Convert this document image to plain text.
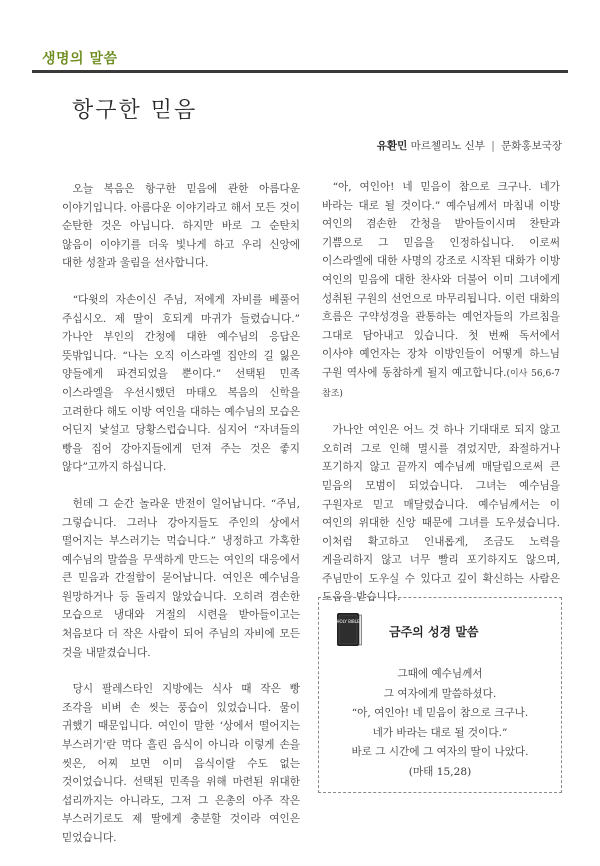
생명의 말씀
항구한 믿음
유환민 마르첼리노 신부 | 문화홍보국장

오늘 복음은 항구한 믿음에 관한 아름다운 이야기입니다. 아름다운 이야기라고 해서 모든 것이 순탄한 것은 아닙니다. 하지만 바로 그 순탄치 않음이 이야기를 더욱 빛나게 하고 우리 신앙에 대한 성찰과 울림을 선사합니다.

“다윗의 자손이신 주님, 저에게 자비를 베풀어 주십시오. 제 딸이 호되게 마귀가 들렸습니다.” 가나안 부인의 간청에 대한 예수님의 응답은 뜻밖입니다. “나는 오직 이스라엘 집안의 길 잃은 양들에게 파견되었을 뿐이다.” 선택된 민족 이스라엘을 우선시했던 마태오 복음의 신학을 고려한다 해도 이방 여인을 대하는 예수님의 모습은 어딘지 낯설고 당황스럽습니다. 심지어 “자녀들의 빵을 집어 강아지들에게 던져 주는 것은 좋지 않다”고까지 하십니다.

헌데 그 순간 놀라운 반전이 일어납니다. “주님, 그렇습니다. 그러나 강아지들도 주인의 상에서 떨어지는 부스러기는 먹습니다.” 냉정하고 가혹한 예수님의 말씀을 무색하게 만드는 여인의 대응에서 큰 믿음과 간절함이 묻어납니다. 여인은 예수님을 원망하거나 등 돌리지 않았습니다. 오히려 겸손한 모습으로 냉대와 거절의 시련을 받아들이고는 처음보다 더 작은 사람이 되어 주님의 자비에 모든 것을 내맡겼습니다.

당시 팔레스타인 지방에는 식사 때 작은 빵 조각을 비벼 손 씻는 풍습이 있었습니다. 물이 귀했기 때문입니다. 여인이 말한 ‘상에서 떨어지는 부스러기’란 먹다 흘린 음식이 아니라 이렇게 손을 씻은, 어찌 보면 이미 음식이랄 수도 없는 것이었습니다. 선택된 민족을 위해 마련된 위대한 섭리까지는 아니라도, 그저 그 은총의 아주 작은 부스러기로도 제 딸에게 충분할 것이라 여인은 믿었습니다.

“아, 여인아! 네 믿음이 참으로 크구나. 네가 바라는 대로 될 것이다.” 예수님께서 마침내 이방 여인의 겸손한 간청을 받아들이시며 찬탄과 기쁨으로 그 믿음을 인정하십니다. 이로써 이스라엘에 대한 사명의 강조로 시작된 대화가 이방 여인의 믿음에 대한 찬사와 더불어 이미 그녀에게 성취된 구원의 선언으로 마무리됩니다. 이런 대화의 흐름은 구약성경을 관통하는 예언자들의 가르침을 그대로 담아내고 있습니다. 첫 번째 독서에서 이사야 예언자는 장차 이방인들이 어떻게 하느님 구원 역사에 동참하게 될지 예고합니다.(이사 56,6-7 참조)

가나안 여인은 어느 것 하나 기대대로 되지 않고 오히려 그로 인해 멸시를 겪었지만, 좌절하거나 포기하지 않고 끝까지 예수님께 매달림으로써 큰 믿음의 모범이 되었습니다. 그녀는 예수님을 구원자로 믿고 매달렸습니다. 예수님께서는 이 여인의 위대한 신앙 때문에 그녀를 도우셨습니다. 이처럼 확고하고 인내롭게, 조금도 노력을 게을리하지 않고 너무 빨리 포기하지도 않으며, 주님만이 도우실 수 있다고 깊이 확신하는 사람은 도움을 받습니다.

HOLY BIBLE
금주의 성경 말씀
그때에 예수님께서
그 여자에게 말씀하셨다.
“아, 여인아! 네 믿음이 참으로 크구나.
네가 바라는 대로 될 것이다.”
바로 그 시간에 그 여자의 딸이 나았다.
(마태 15,28)
